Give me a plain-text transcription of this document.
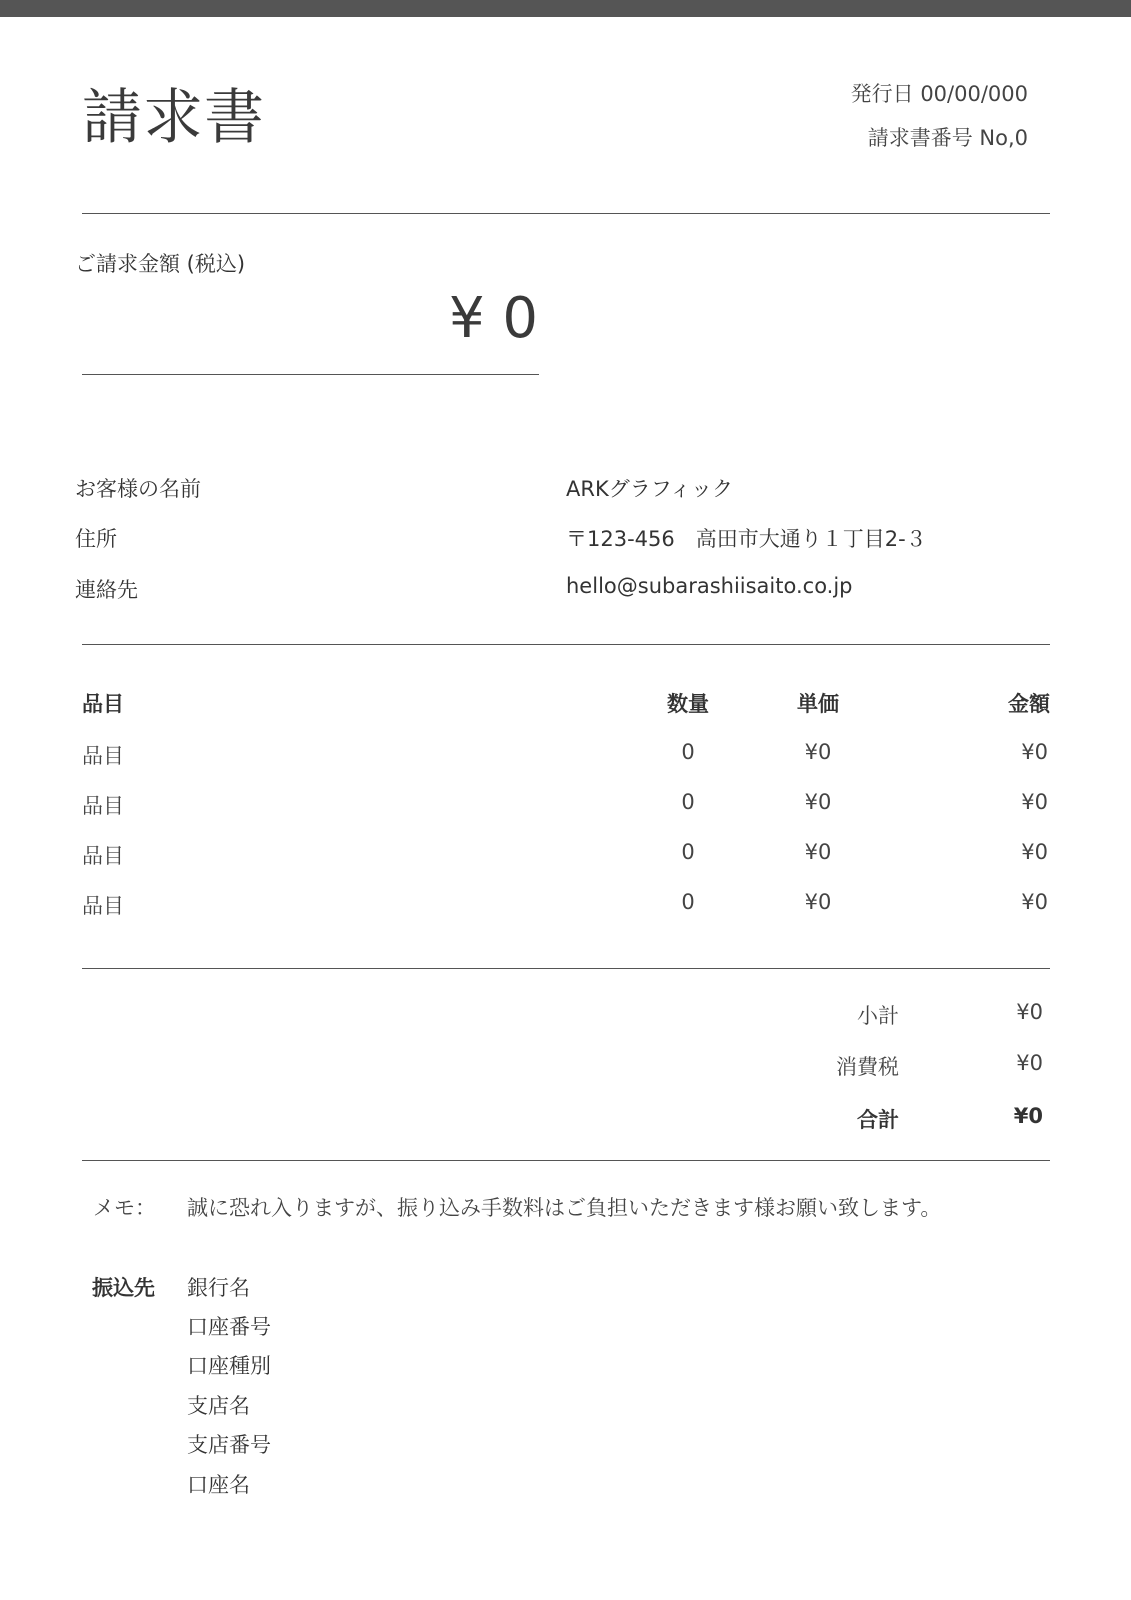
請求書	発行日 00/00/000
請求書番号 No,0
ご請求金額 (税込)
¥ 0
お客様の名前	ARKグラフィック
住所	〒123-456　高田市大通り１丁目2-３
連絡先	hello@subarashiisaito.co.jp
品目	数量	単価	金額
品目	0	¥0	¥0
品目	0	¥0	¥0
品目	0	¥0	¥0
品目	0	¥0	¥0
小計	¥0
消費税	¥0
合計	¥0
メモ： 誠に恐れ入りますが、振り込み手数料はご負担いただきます様お願い致します。
振込先 銀行名
口座番号
口座種別
支店名
支店番号
口座名
